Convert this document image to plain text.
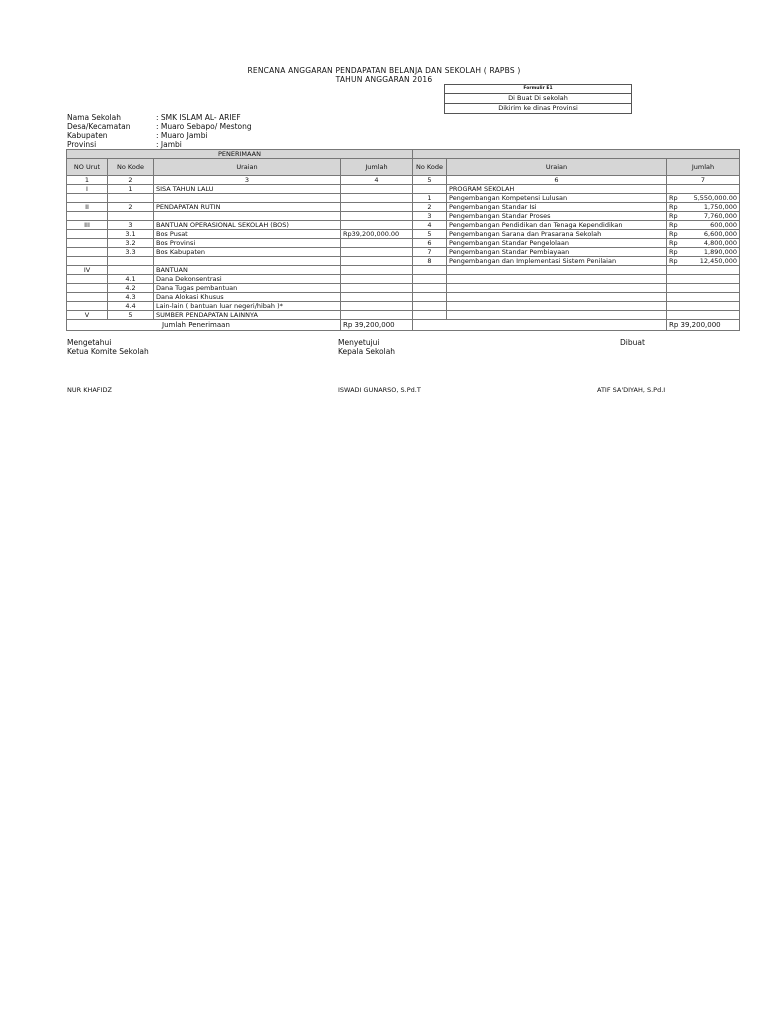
RENCANA ANGGARAN PENDAPATAN BELANJA DAN SEKOLAH ( RAPBS )
TAHUN ANGGARAN 2016
Formulir E1
Di Buat Di sekolah
Dikirim ke dinas Provinsi
Nama Sekolah	: SMK ISLAM AL- ARIEF
Desa/Kecamatan	: Muaro Sebapo/ Mestong
Kabupaten	: Muaro Jambi
Provinsi	: Jambi
PENERIMAAN						
NO Urut	No Kode	Uraian	Jumlah	No Kode	Uraian	Jumlah
1	2	3	4	5	6	7
I	1	SISA TAHUN LALU			PROGRAM SEKOLAH	

				1	Pengembangan Kompetensi Lulusan	Rp 5,550,000.00

II	2	PENDAPATAN RUTIN		2	Pengembangan Standar Isi	Rp 1,750,000

				3	Pengembangan Standar Proses	Rp 7,760,000

III	3	BANTUAN OPERASIONAL SEKOLAH (BOS)		4	Pengembangan Pendidikan dan Tenaga Kependidikan	Rp 600,000

	3.1	Bos Pusat	Rp39,200,000.00	5	Pengembangan Sarana dan Prasarana Sekolah	Rp 6,600,000

	3.2	Bos Provinsi		6	Pengembangan Standar Pengelolaan	Rp 4,800,000

	3.3	Bos Kabupaten		7	Pengembangan Standar Pembiayaan	Rp 1,890,000

				8	Pengembangan dan Implementasi Sistem Penilaian	Rp 12,450,000

IV		BANTUAN				

	4.1	Dana Dekonsentrasi				

	4.2	Dana Tugas pembantuan				

	4.3	Dana Alokasi Khusus				

	4.4	Lain-lain ( bantuan luar negeri/hibah )*				

V	5	SUMBER PENDAPATAN LAINNYA				

Jumlah Penerimaan			Rp 39,200,000			Rp 39,200,000
Mengetahui
Ketua Komite Sekolah
NUR KHAFIDZ
Menyetujui
Kepala Sekolah
ISWADI GUNARSO, S.Pd.T
Dibuat
ATIF SA'DIYAH, S.Pd.I
